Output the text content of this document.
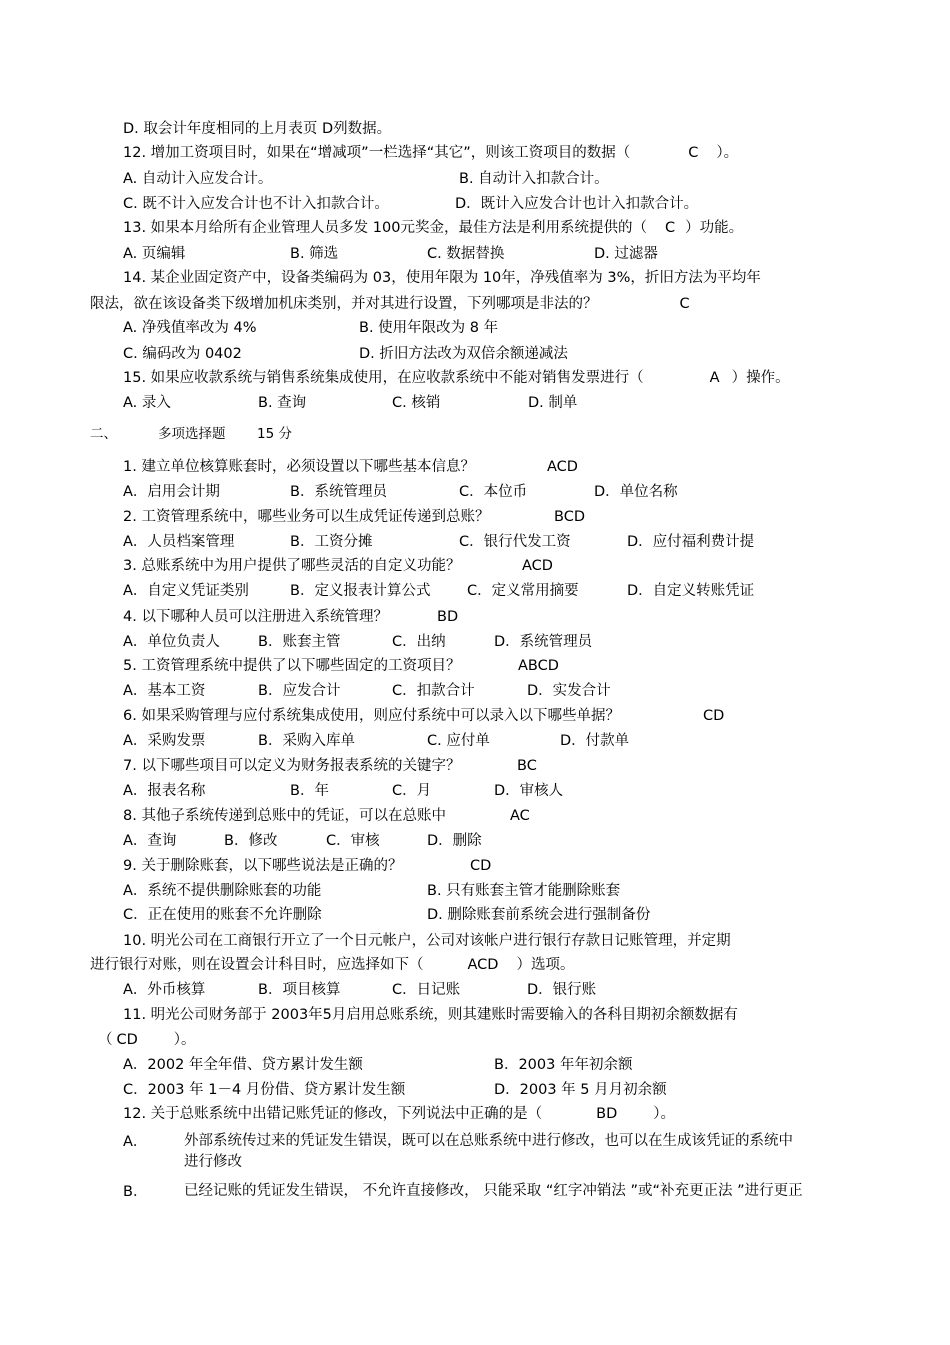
D. 取会计年度相同的上月表页 D列数据。
12. 增加工资项目时，如果在“增减项”一栏选择“其它”，则该工资项目的数据（	C ）。
A. 自动计入应发合计。	B. 自动计入扣款合计。
C. 既不计入应发合计也不计入扣款合计。	D．既计入应发合计也计入扣款合计。
13. 如果本月给所有企业管理人员多发 100元奖金，最佳方法是利用系统提供的（ C ）功能。
A. 页编辑	B. 筛选	C. 数据替换	D. 过滤器
14. 某企业固定资产中，设备类编码为 03，使用年限为 10年，净残值率为 3%，折旧方法为平均年
限法，欲在该设备类下级增加机床类别，并对其进行设置，下列哪项是非法的？	C
A. 净残值率改为 4%	B. 使用年限改为 8 年
C. 编码改为 0402	D. 折旧方法改为双倍余额递减法
15. 如果应收款系统与销售系统集成使用，在应收款系统中不能对销售发票进行（	A ）操作。
A. 录入	B. 查询	C. 核销	D. 制单
二、	多项选择题 15 分
1. 建立单位核算账套时，必须设置以下哪些基本信息？	ACD
A．启用会计期	B．系统管理员	C．本位币	D．单位名称
2. 工资管理系统中，哪些业务可以生成凭证传递到总账？	BCD
A．人员档案管理	B．工资分摊	C．银行代发工资	D．应付福利费计提
3. 总账系统中为用户提供了哪些灵活的自定义功能？	ACD
A．自定义凭证类别	B．定义报表计算公式	C．定义常用摘要	D．自定义转账凭证
4. 以下哪种人员可以注册进入系统管理？	BD
A．单位负责人	B．账套主管	C．出纳	D．系统管理员
5. 工资管理系统中提供了以下哪些固定的工资项目？	ABCD
A．基本工资	B．应发合计	C．扣款合计	D．实发合计
6. 如果采购管理与应付系统集成使用，则应付系统中可以录入以下哪些单据？	CD
A．采购发票	B．采购入库单	C. 应付单	D．付款单
7. 以下哪些项目可以定义为财务报表系统的关键字？	BC
A．报表名称	B．年	C．月	D．审核人
8. 其他子系统传递到总账中的凭证，可以在总账中	AC
A．查询	B．修改	C．审核	D．删除
9. 关于删除账套，以下哪些说法是正确的？	CD
A．系统不提供删除账套的功能	B. 只有账套主管才能删除账套
C．正在使用的账套不允许删除	D. 删除账套前系统会进行强制备份
10. 明光公司在工商银行开立了一个日元帐户，公司对该帐户进行银行存款日记账管理，并定期
进行银行对账，则在设置会计科目时，应选择如下（	ACD ）选项。
A．外币核算	B．项目核算	C．日记账	D．银行账
11. 明光公司财务部于 2003年5月启用总账系统，则其建账时需要输入的各科目期初余额数据有
（ CD ）。
A．2002 年全年借、贷方累计发生额	B．2003 年年初余额
C．2003 年 1－4 月份借、贷方累计发生额	D．2003 年 5 月月初余额
12. 关于总账系统中出错记账凭证的修改，下列说法中正确的是（	BD ）。
A．	外部系统传过来的凭证发生错误，既可以在总账系统中进行修改，也可以在生成该凭证的系统中进行修改
B．	已经记账的凭证发生错误， 不允许直接修改， 只能采取 “红字冲销法 ”或“补充更正法 ”进行更正
